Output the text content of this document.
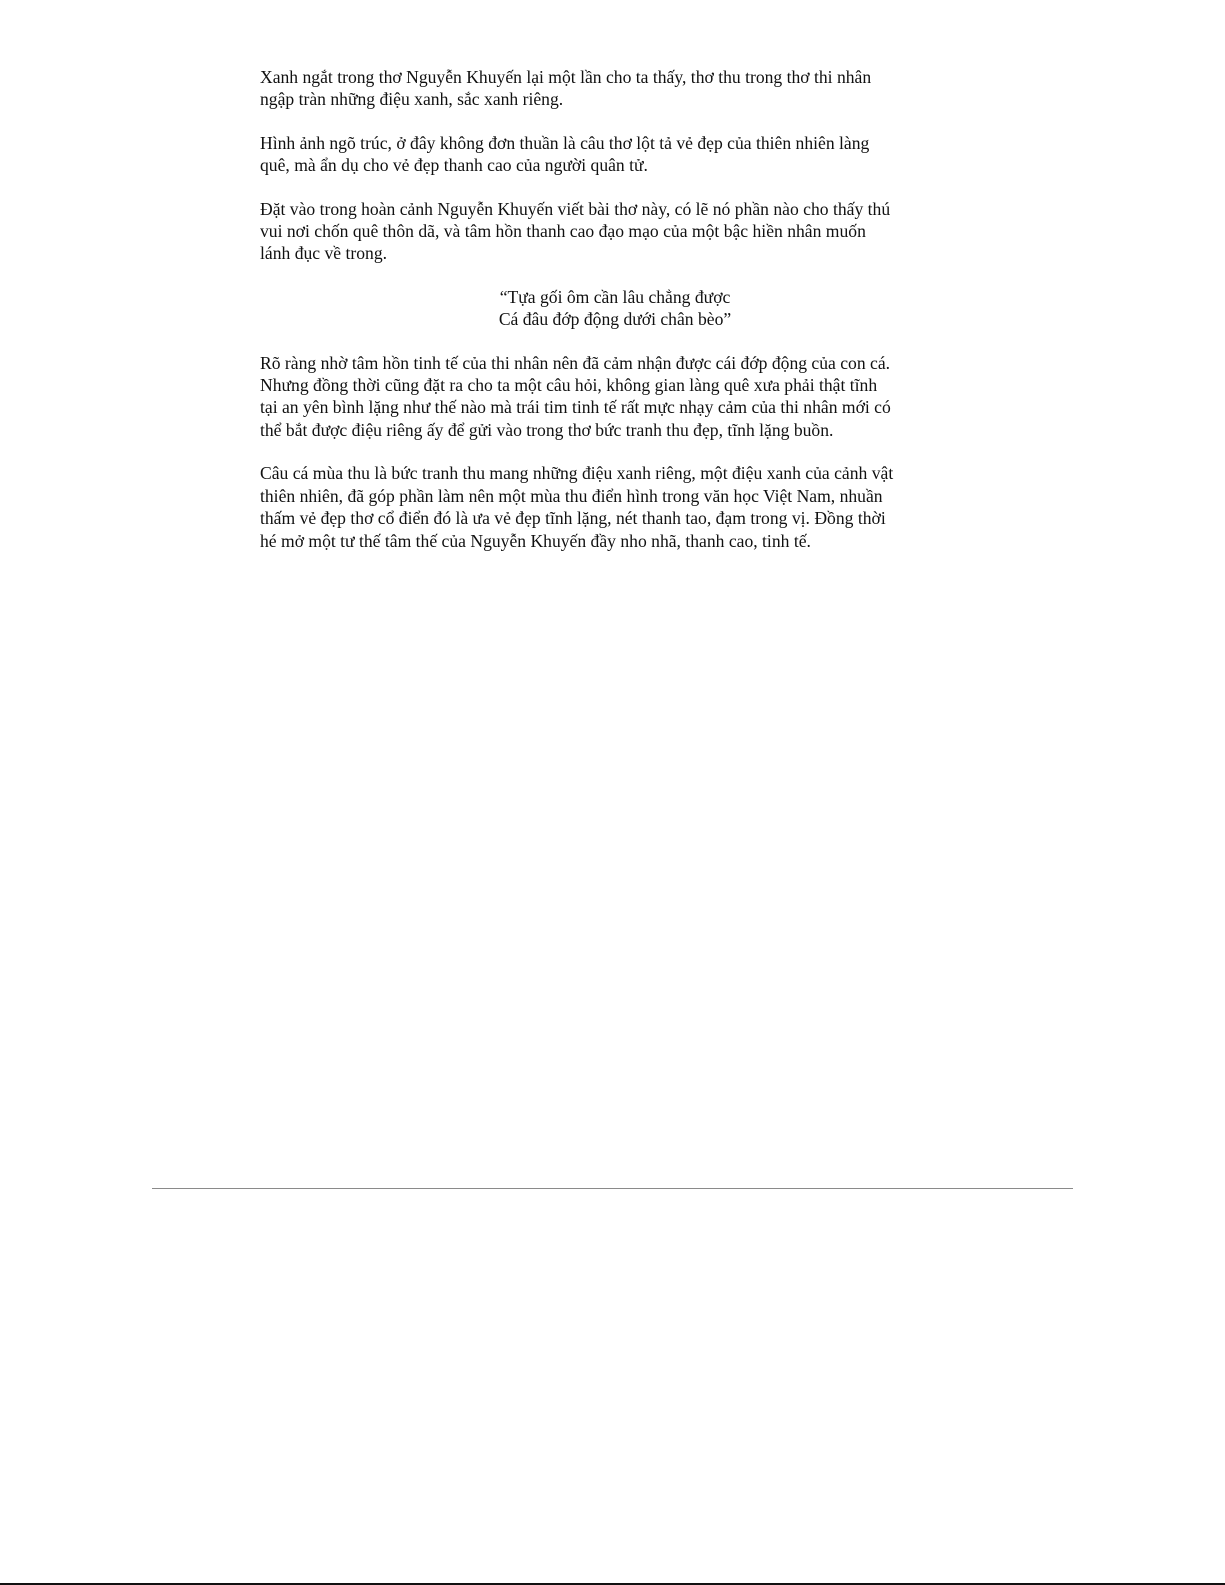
Xanh ngắt trong thơ Nguyễn Khuyến lại một lần cho ta thấy, thơ thu trong thơ thi nhân
ngập tràn những điệu xanh, sắc xanh riêng.

Hình ảnh ngõ trúc, ở đây không đơn thuần là câu thơ lột tả vẻ đẹp của thiên nhiên làng
quê, mà ẩn dụ cho vẻ đẹp thanh cao của người quân tử.

Đặt vào trong hoàn cảnh Nguyễn Khuyến viết bài thơ này, có lẽ nó phần nào cho thấy thú
vui nơi chốn quê thôn dã, và tâm hồn thanh cao đạo mạo của một bậc hiền nhân muốn
lánh đục về trong.

“Tựa gối ôm cần lâu chẳng được
Cá đâu đớp động dưới chân bèo”

Rõ ràng nhờ tâm hồn tinh tế của thi nhân nên đã cảm nhận được cái đớp động của con cá.
Nhưng đồng thời cũng đặt ra cho ta một câu hỏi, không gian làng quê xưa phải thật tĩnh
tại an yên bình lặng như thế nào mà trái tim tinh tế rất mực nhạy cảm của thi nhân mới có
thể bắt được điệu riêng ấy để gửi vào trong thơ bức tranh thu đẹp, tĩnh lặng buồn.

Câu cá mùa thu là bức tranh thu mang những điệu xanh riêng, một điệu xanh của cảnh vật
thiên nhiên, đã góp phần làm nên một mùa thu điển hình trong văn học Việt Nam, nhuần
thấm vẻ đẹp thơ cổ điển đó là ưa vẻ đẹp tĩnh lặng, nét thanh tao, đạm trong vị. Đồng thời
hé mở một tư thế tâm thế của Nguyễn Khuyến đầy nho nhã, thanh cao, tinh tế.
